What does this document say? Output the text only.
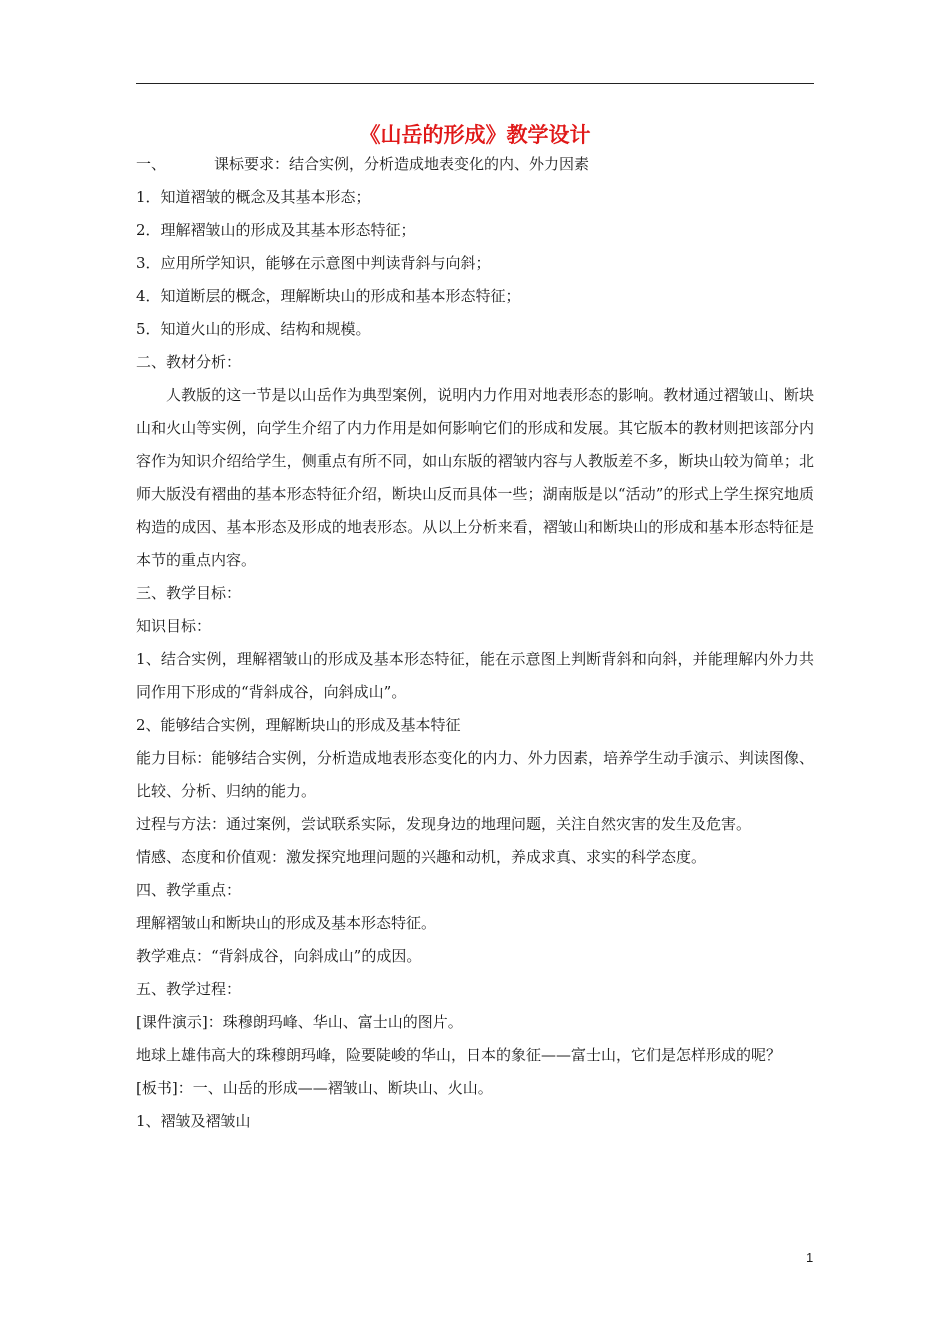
《山岳的形成》教学设计
一、	课标要求：结合实例，分析造成地表变化的内、外力因素
1．知道褶皱的概念及其基本形态；
2．理解褶皱山的形成及其基本形态特征；
3．应用所学知识，能够在示意图中判读背斜与向斜；
4．知道断层的概念，理解断块山的形成和基本形态特征；
5．知道火山的形成、结构和规模。
二、教材分析：
人教版的这一节是以山岳作为典型案例，说明内力作用对地表形态的影响。教材通过褶皱山、断块山和火山等实例，向学生介绍了内力作用是如何影响它们的形成和发展。其它版本的教材则把该部分内容作为知识介绍给学生，侧重点有所不同，如山东版的褶皱内容与人教版差不多，断块山较为简单；北师大版没有褶曲的基本形态特征介绍，断块山反而具体一些；湖南版是以“活动”的形式上学生探究地质构造的成因、基本形态及形成的地表形态。从以上分析来看，褶皱山和断块山的形成和基本形态特征是本节的重点内容。
三、教学目标：
知识目标：
1、结合实例，理解褶皱山的形成及基本形态特征，能在示意图上判断背斜和向斜，并能理解内外力共同作用下形成的“背斜成谷，向斜成山”。
2、能够结合实例，理解断块山的形成及基本特征
能力目标：能够结合实例，分析造成地表形态变化的内力、外力因素，培养学生动手演示、判读图像、比较、分析、归纳的能力。
过程与方法：通过案例，尝试联系实际，发现身边的地理问题，关注自然灾害的发生及危害。
情感、态度和价值观：激发探究地理问题的兴趣和动机，养成求真、求实的科学态度。
四、教学重点：
理解褶皱山和断块山的形成及基本形态特征。
教学难点：“背斜成谷，向斜成山”的成因。
五、教学过程：
[课件演示]：珠穆朗玛峰、华山、富士山的图片。
地球上雄伟高大的珠穆朗玛峰，险要陡峻的华山，日本的象征——富士山，它们是怎样形成的呢？
[板书]：一、山岳的形成——褶皱山、断块山、火山。
1、褶皱及褶皱山
1
